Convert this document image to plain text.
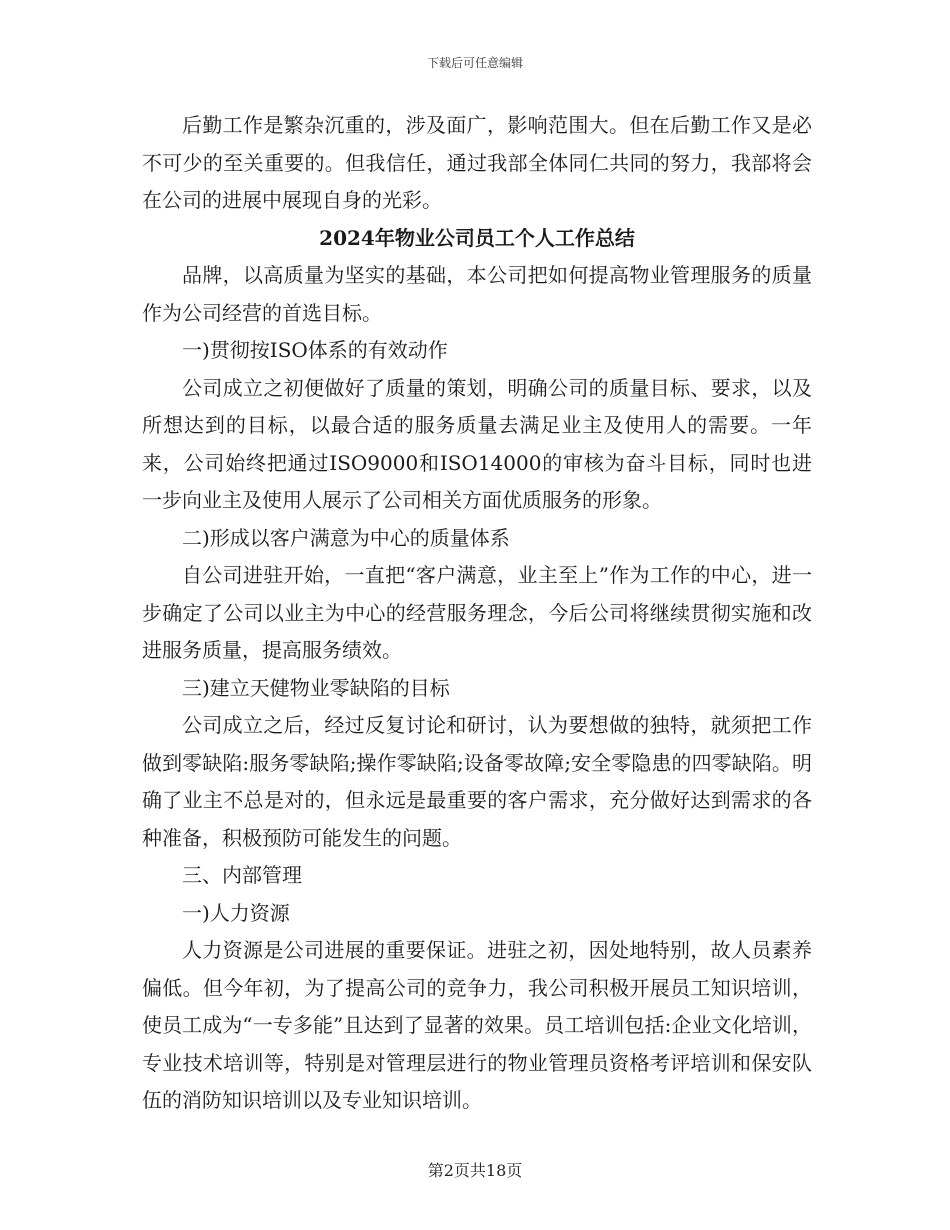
下载后可任意编辑

后勤工作是繁杂沉重的，涉及面广，影响范围大。但在后勤工作又是必不可少的至关重要的。但我信任，通过我部全体同仁共同的努力，我部将会在公司的进展中展现自身的光彩。

2024年物业公司员工个人工作总结

品牌，以高质量为坚实的基础，本公司把如何提高物业管理服务的质量作为公司经营的首选目标。

一)贯彻按ISO体系的有效动作

公司成立之初便做好了质量的策划，明确公司的质量目标、要求，以及所想达到的目标，以最合适的服务质量去满足业主及使用人的需要。一年来，公司始终把通过ISO9000和ISO14000的审核为奋斗目标，同时也进一步向业主及使用人展示了公司相关方面优质服务的形象。

二)形成以客户满意为中心的质量体系

自公司进驻开始，一直把“客户满意，业主至上”作为工作的中心，进一步确定了公司以业主为中心的经营服务理念，今后公司将继续贯彻实施和改进服务质量，提高服务绩效。

三)建立天健物业零缺陷的目标

公司成立之后，经过反复讨论和研讨，认为要想做的独特，就须把工作做到零缺陷:服务零缺陷;操作零缺陷;设备零故障;安全零隐患的四零缺陷。明确了业主不总是对的，但永远是最重要的客户需求，充分做好达到需求的各种准备，积极预防可能发生的问题。

三、内部管理

一)人力资源

人力资源是公司进展的重要保证。进驻之初，因处地特别，故人员素养偏低。但今年初，为了提高公司的竞争力，我公司积极开展员工知识培训，使员工成为“一专多能”且达到了显著的效果。员工培训包括:企业文化培训，专业技术培训等，特别是对管理层进行的物业管理员资格考评培训和保安队伍的消防知识培训以及专业知识培训。

第2页共18页
